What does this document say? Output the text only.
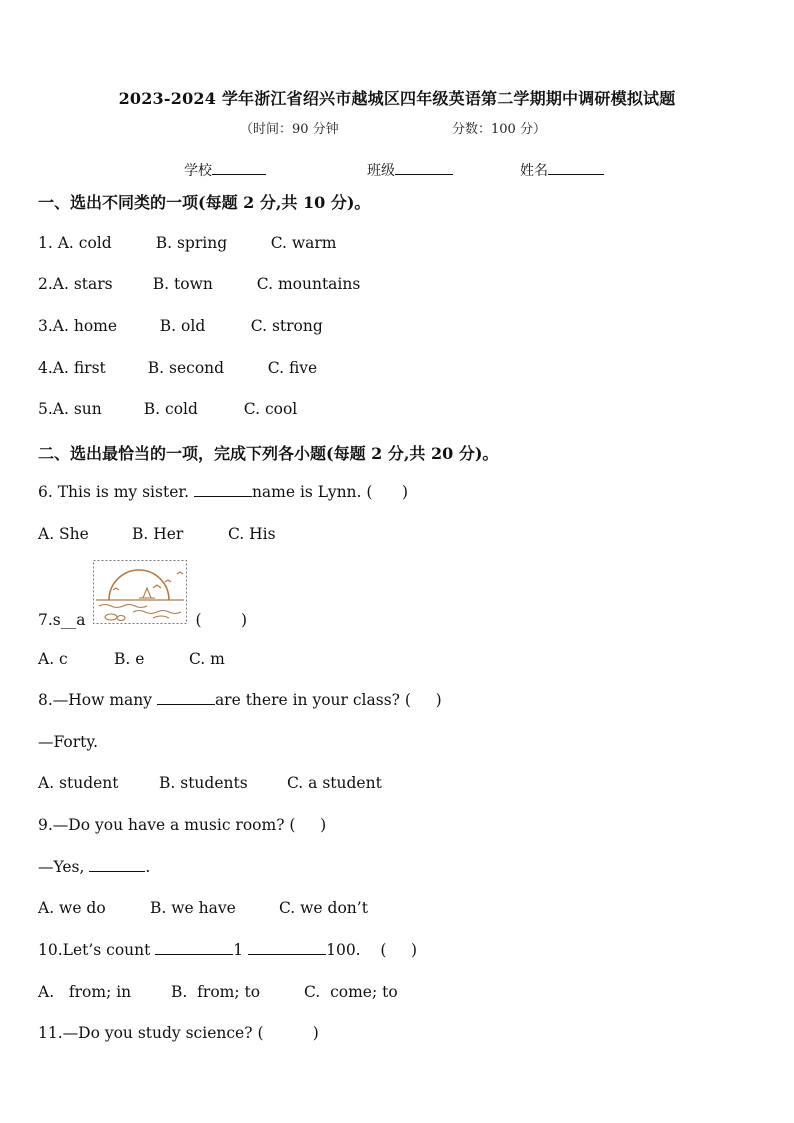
2023-2024 学年浙江省绍兴市越城区四年级英语第二学期期中调研模拟试题
（时间：90 分钟	分数：100 分）
学校	班级	姓名
一、选出不同类的一项(每题 2 分,共 10 分)。
1. A. cold	B. spring	C. warm
2.A. stars	B. town	C. mountains
3.A. home	B. old	C. strong
4.A. first	B. second	C. five
5.A. sun	B. cold	C. cool
二、选出最恰当的一项，完成下列各小题(每题 2 分,共 20 分)。
6. This is my sister.	name is Lynn. (      )
A. She	B. Her	C. His
7.s__a	(        )
A. c	B. e	C. m
8.—How many	are there in your class? (     )
—Forty.
A. student	B. students	C. a student
9.—Do you have a music room? (     )
—Yes,	.
A. we do	B. we have	C. we don’t
10.Let’s count	1	100.    (     )
A.   from; in	B.  from; to	C.  come; to
11.—Do you study science? (          )
